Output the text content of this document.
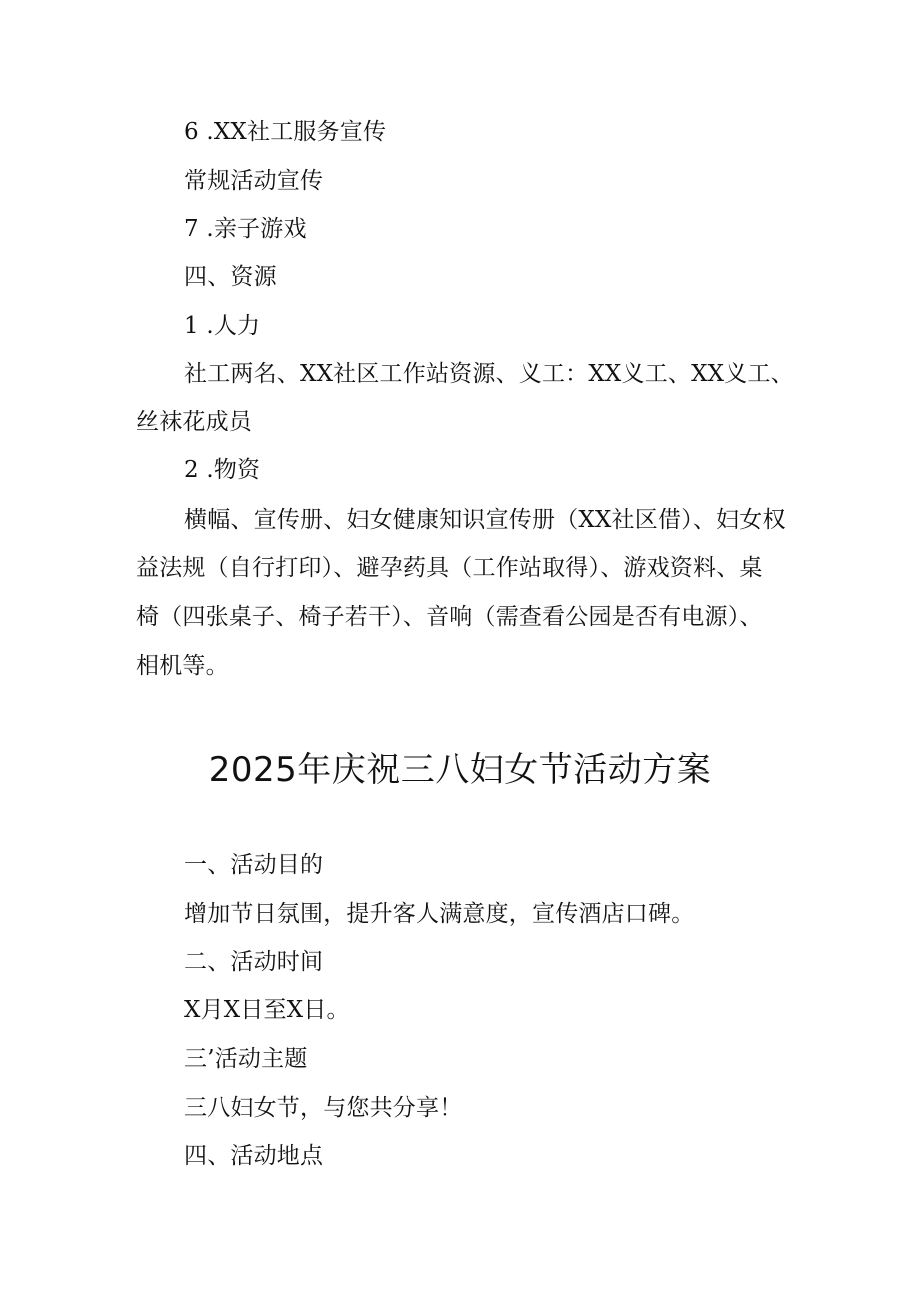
6 .XX社工服务宣传
常规活动宣传
7 .亲子游戏
四、资源
1 .人力
社工两名、XX社区工作站资源、义工：XX义工、XX义工、
丝袜花成员
2 .物资
横幅、宣传册、妇女健康知识宣传册（XX社区借）、妇女权
益法规（自行打印）、避孕药具（工作站取得）、游戏资料、桌
椅（四张桌子、椅子若干）、音响（需查看公园是否有电源）、
相机等。
2025年庆祝三八妇女节活动方案
一、活动目的
增加节日氛围，提升客人满意度，宣传酒店口碑。
二、活动时间
X月X日至X日。
三’活动主题
三八妇女节，与您共分享！
四、活动地点
